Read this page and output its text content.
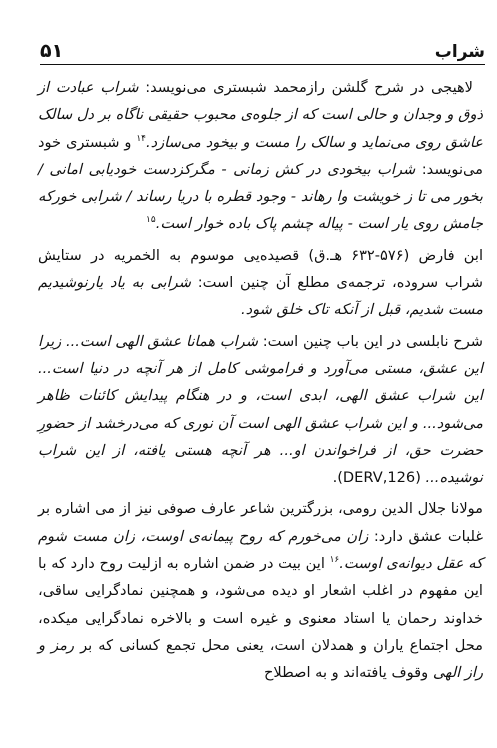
شراب
۵۱

لاهیجی در شرح گلشن رازمحمد شبستری می‌نویسد: شراب عبادت از ذوق و وجدان و حالی است که از جلوه‌ی محبوب حقیقی ناگاه بر دل سالک عاشق روی می‌نماید و سالک را مست و بیخود می‌سازد.$^{۱۴}$ و شبستری خود می‌نویسد: شراب بیخودی در کش زمانی - مگرکزدست خودیابی امانی / بخور می تا ز خویشت وا رهاند - وجود قطره با دریا رساند / شرابی خورکه جامش روی یار است - پیاله چشم پاک باده خوار است.$^{۱۵}$

ابن فارض (۵۷۶-۶۳۲ هـ.ق) قصیده‌یی موسوم به الخمریه در ستایش شراب سروده، ترجمه‌ی مطلع آن چنین است: شرابی به یاد یارنوشیدیم مست شدیم، قبل از آنکه تاک خلق شود.

شرح نابلسی در این باب چنین است: شراب همانا عشق الهی است... زیرا این عشق، مستی می‌آورد و فراموشی کامل از هر آنچه در دنیا است... این شراب عشق الهی، ابدی است، و در هنگام پیدایش کائنات ظاهر می‌شود... و این شراب عشق الهی است آن نوری که می‌درخشد از حضورِ حضرت حق، از فراخواندن او... هر آنچه هستی یافته، از این شراب نوشیده... (DERV,126).

مولانا جلال الدین رومی، بزرگترین شاعر عارف صوفی نیز از می اشاره بر غلبات عشق دارد: زان می‌خورم که روح پیمانه‌ی اوست، زان مست شوم که عقل دیوانه‌ی اوست.$^{۱۶}$ این بیت در ضمن اشاره به ازلیت روح دارد که با این مفهوم در اغلب اشعار او دیده می‌شود، و همچنین نمادگرایی ساقی، خداوند رحمان یا استاد معنوی و غیره است و بالاخره نمادگرایی میکده، محل اجتماع یاران و همدلان است، یعنی محل تجمع کسانی که بر رمز و راز الهی وقوف یافته‌اند و به اصطلاح
